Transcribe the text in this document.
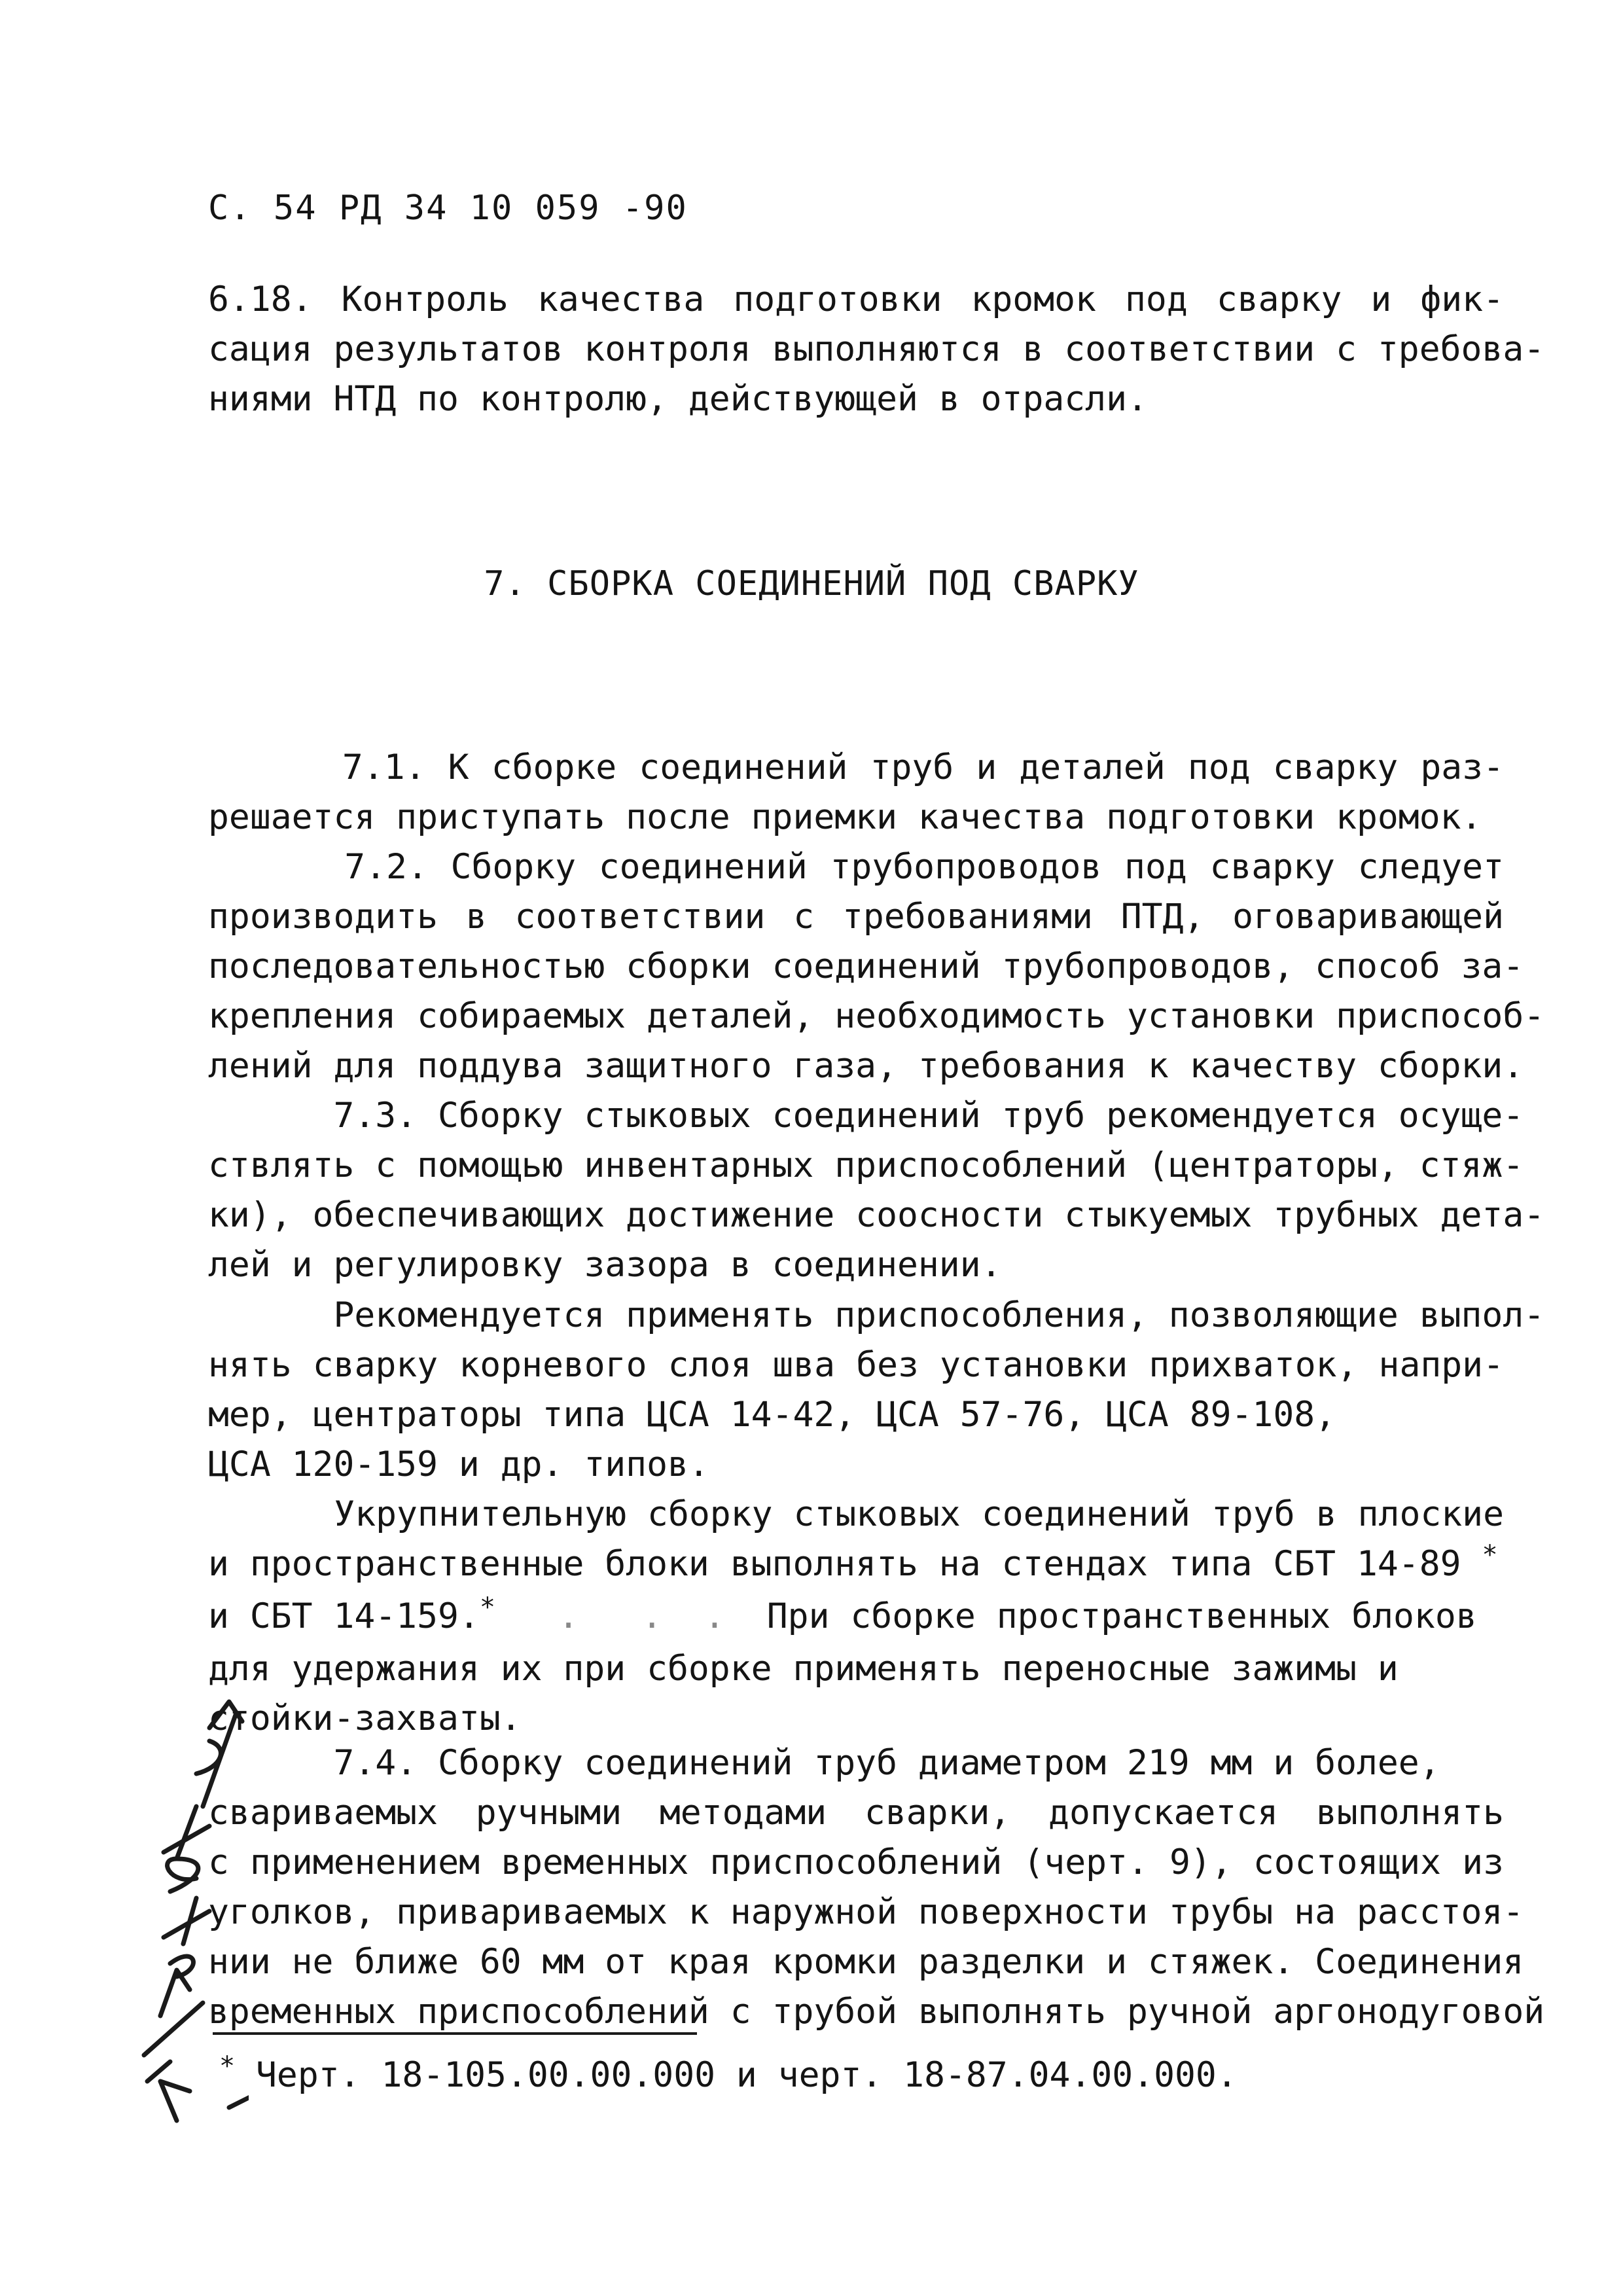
С. 54 РД 34 10 059 -90
6.18. Контроль качества подготовки кромок под сварку и фик-
сация результатов контроля выполняются в соответствии с требова-
ниями НТД по контролю, действующей в отрасли.
7. СБОРКА СОЕДИНЕНИЙ ПОД СВАРКУ
7.1. К сборке соединений труб и деталей под сварку раз-
решается приступать после приемки качества подготовки кромок.
7.2. Сборку соединений трубопроводов под сварку следует
производить в соответствии с требованиями ПТД, оговаривающей
последовательностью сборки соединений трубопроводов, способ за-
крепления собираемых деталей, необходимость установки приспособ-
лений для поддува защитного газа, требования к качеству сборки.
7.3. Сборку стыковых соединений труб рекомендуется осуще-
ствлять с помощью инвентарных приспособлений (центраторы, стяж-
ки), обеспечивающих достижение соосности стыкуемых трубных дета-
лей и регулировку зазора в соединении.
Рекомендуется применять приспособления, позволяющие выпол-
нять сварку корневого слоя шва без установки прихваток, напри-
мер, центраторы типа ЦСА 14-42, ЦСА 57-76, ЦСА 89-108,
ЦСА 120-159 и др. типов.
Укрупнительную сборку стыковых соединений труб в плоские
и пространственные блоки выполнять на стендах типа СБТ 14-89 *
и СБТ 14-159.*   .   .  .  При сборке пространственных блоков
для удержания их при сборке применять переносные зажимы и
стойки-захваты.
7.4. Сборку соединений труб диаметром 219 мм и более,
свариваемых ручными методами сварки, допускается выполнять
с применением временных приспособлений (черт. 9), состоящих из
уголков, привариваемых к наружной поверхности трубы на расстоя-
нии не ближе 60 мм от края кромки разделки и стяжек. Соединения
временных приспособлений с трубой выполнять ручной аргонодуговой
* Черт. 18-105.00.00.000 и черт. 18-87.04.00.000.
